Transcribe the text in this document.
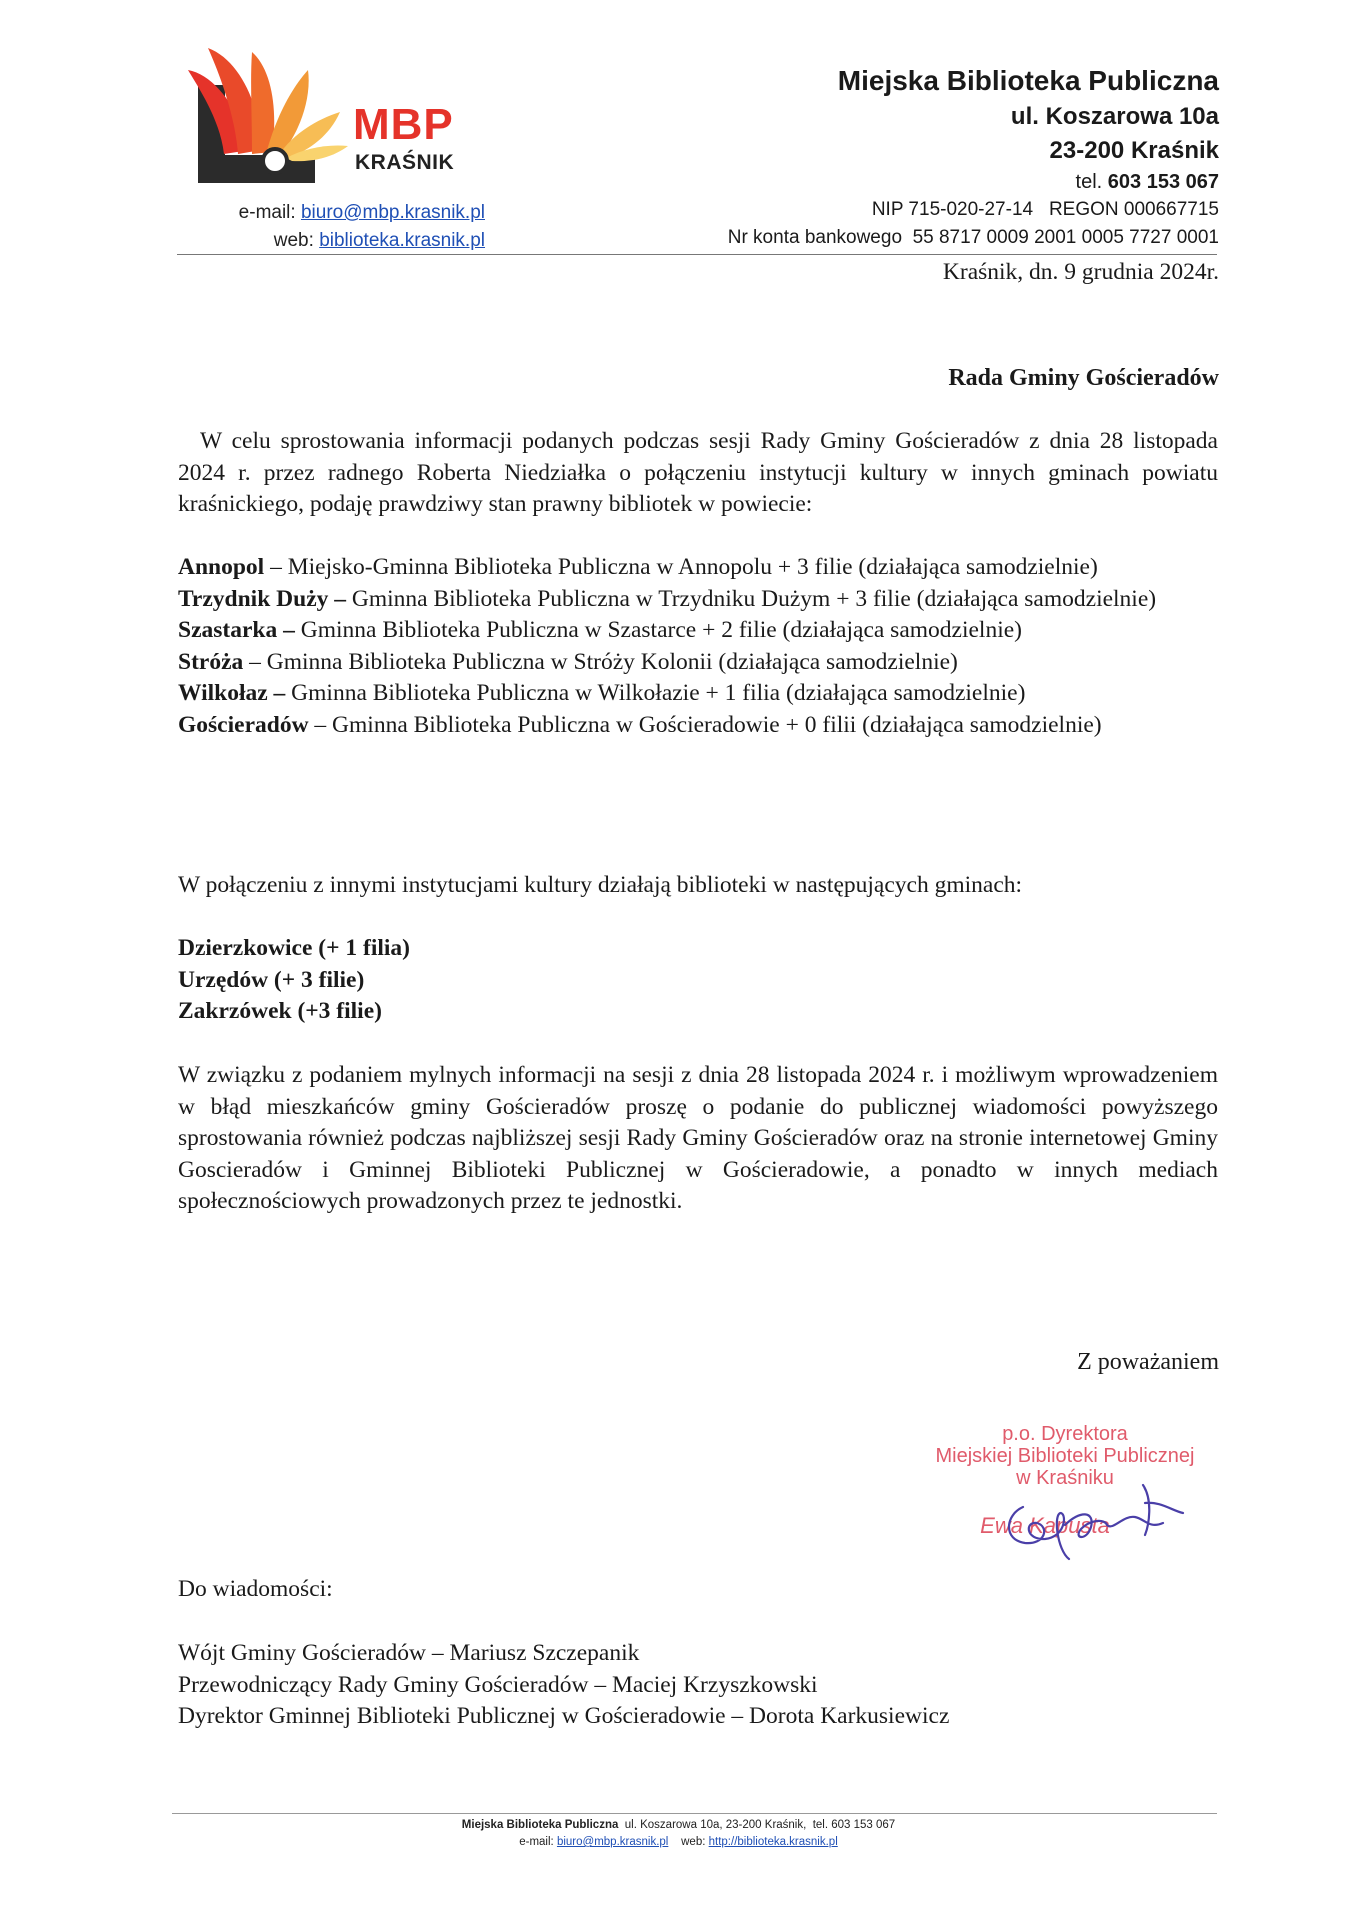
MBP
KRAŚNIK
e-mail: biuro@mbp.krasnik.pl
web: biblioteka.krasnik.pl
Miejska Biblioteka Publiczna
ul. Koszarowa 10a
23-200 Kraśnik
tel. 603 153 067
NIP 715-020-27-14 REGON 000667715
Nr konta bankowego 55 8717 0009 2001 0005 7727 0001
Kraśnik, dn. 9 grudnia 2024r.
Rada Gminy Gościeradów

W celu sprostowania informacji podanych podczas sesji Rady Gminy Gościeradów z dnia 28 listopada 2024 r. przez radnego Roberta Niedziałka o połączeniu instytucji kultury w innych gminach powiatu kraśnickiego, podaję prawdziwy stan prawny bibliotek w powiecie:

Annopol – Miejsko-Gminna Biblioteka Publiczna w Annopolu + 3 filie (działająca samodzielnie)

Trzydnik Duży – Gminna Biblioteka Publiczna w Trzydniku Dużym + 3 filie (działająca samodzielnie)

Szastarka – Gminna Biblioteka Publiczna w Szastarce + 2 filie (działająca samodzielnie)

Stróża – Gminna Biblioteka Publiczna w Stróży Kolonii (działająca samodzielnie)

Wilkołaz – Gminna Biblioteka Publiczna w Wilkołazie + 1 filia (działająca samodzielnie)

Gościeradów – Gminna Biblioteka Publiczna w Gościeradowie + 0 filii (działająca samodzielnie)

W połączeniu z innymi instytucjami kultury działają biblioteki w następujących gminach:

Dzierzkowice (+ 1 filia)

Urzędów (+ 3 filie)

Zakrzówek (+3 filie)

W związku z podaniem mylnych informacji na sesji z dnia 28 listopada 2024 r. i możliwym wprowadzeniem w błąd mieszkańców gminy Gościeradów proszę o podanie do publicznej wiadomości powyższego sprostowania również podczas najbliższej sesji Rady Gminy Gościeradów oraz na stronie internetowej Gminy Goscieradów i Gminnej Biblioteki Publicznej w Gościeradowie, a ponadto w innych mediach społecznościowych prowadzonych przez te jednostki.

Z poważaniem
p.o. Dyrektora
Miejskiej Biblioteki Publicznej
w Kraśniku
Ewa Kapusta

Do wiadomości:

Wójt Gminy Gościeradów – Mariusz Szczepanik

Przewodniczący Rady Gminy Gościeradów – Maciej Krzyszkowski

Dyrektor Gminnej Biblioteki Publicznej w Gościeradowie – Dorota Karkusiewicz

Miejska Biblioteka Publiczna ul. Koszarowa 10a, 23-200 Kraśnik, tel. 603 153 067
e-mail: biuro@mbp.krasnik.pl web: http://biblioteka.krasnik.pl
